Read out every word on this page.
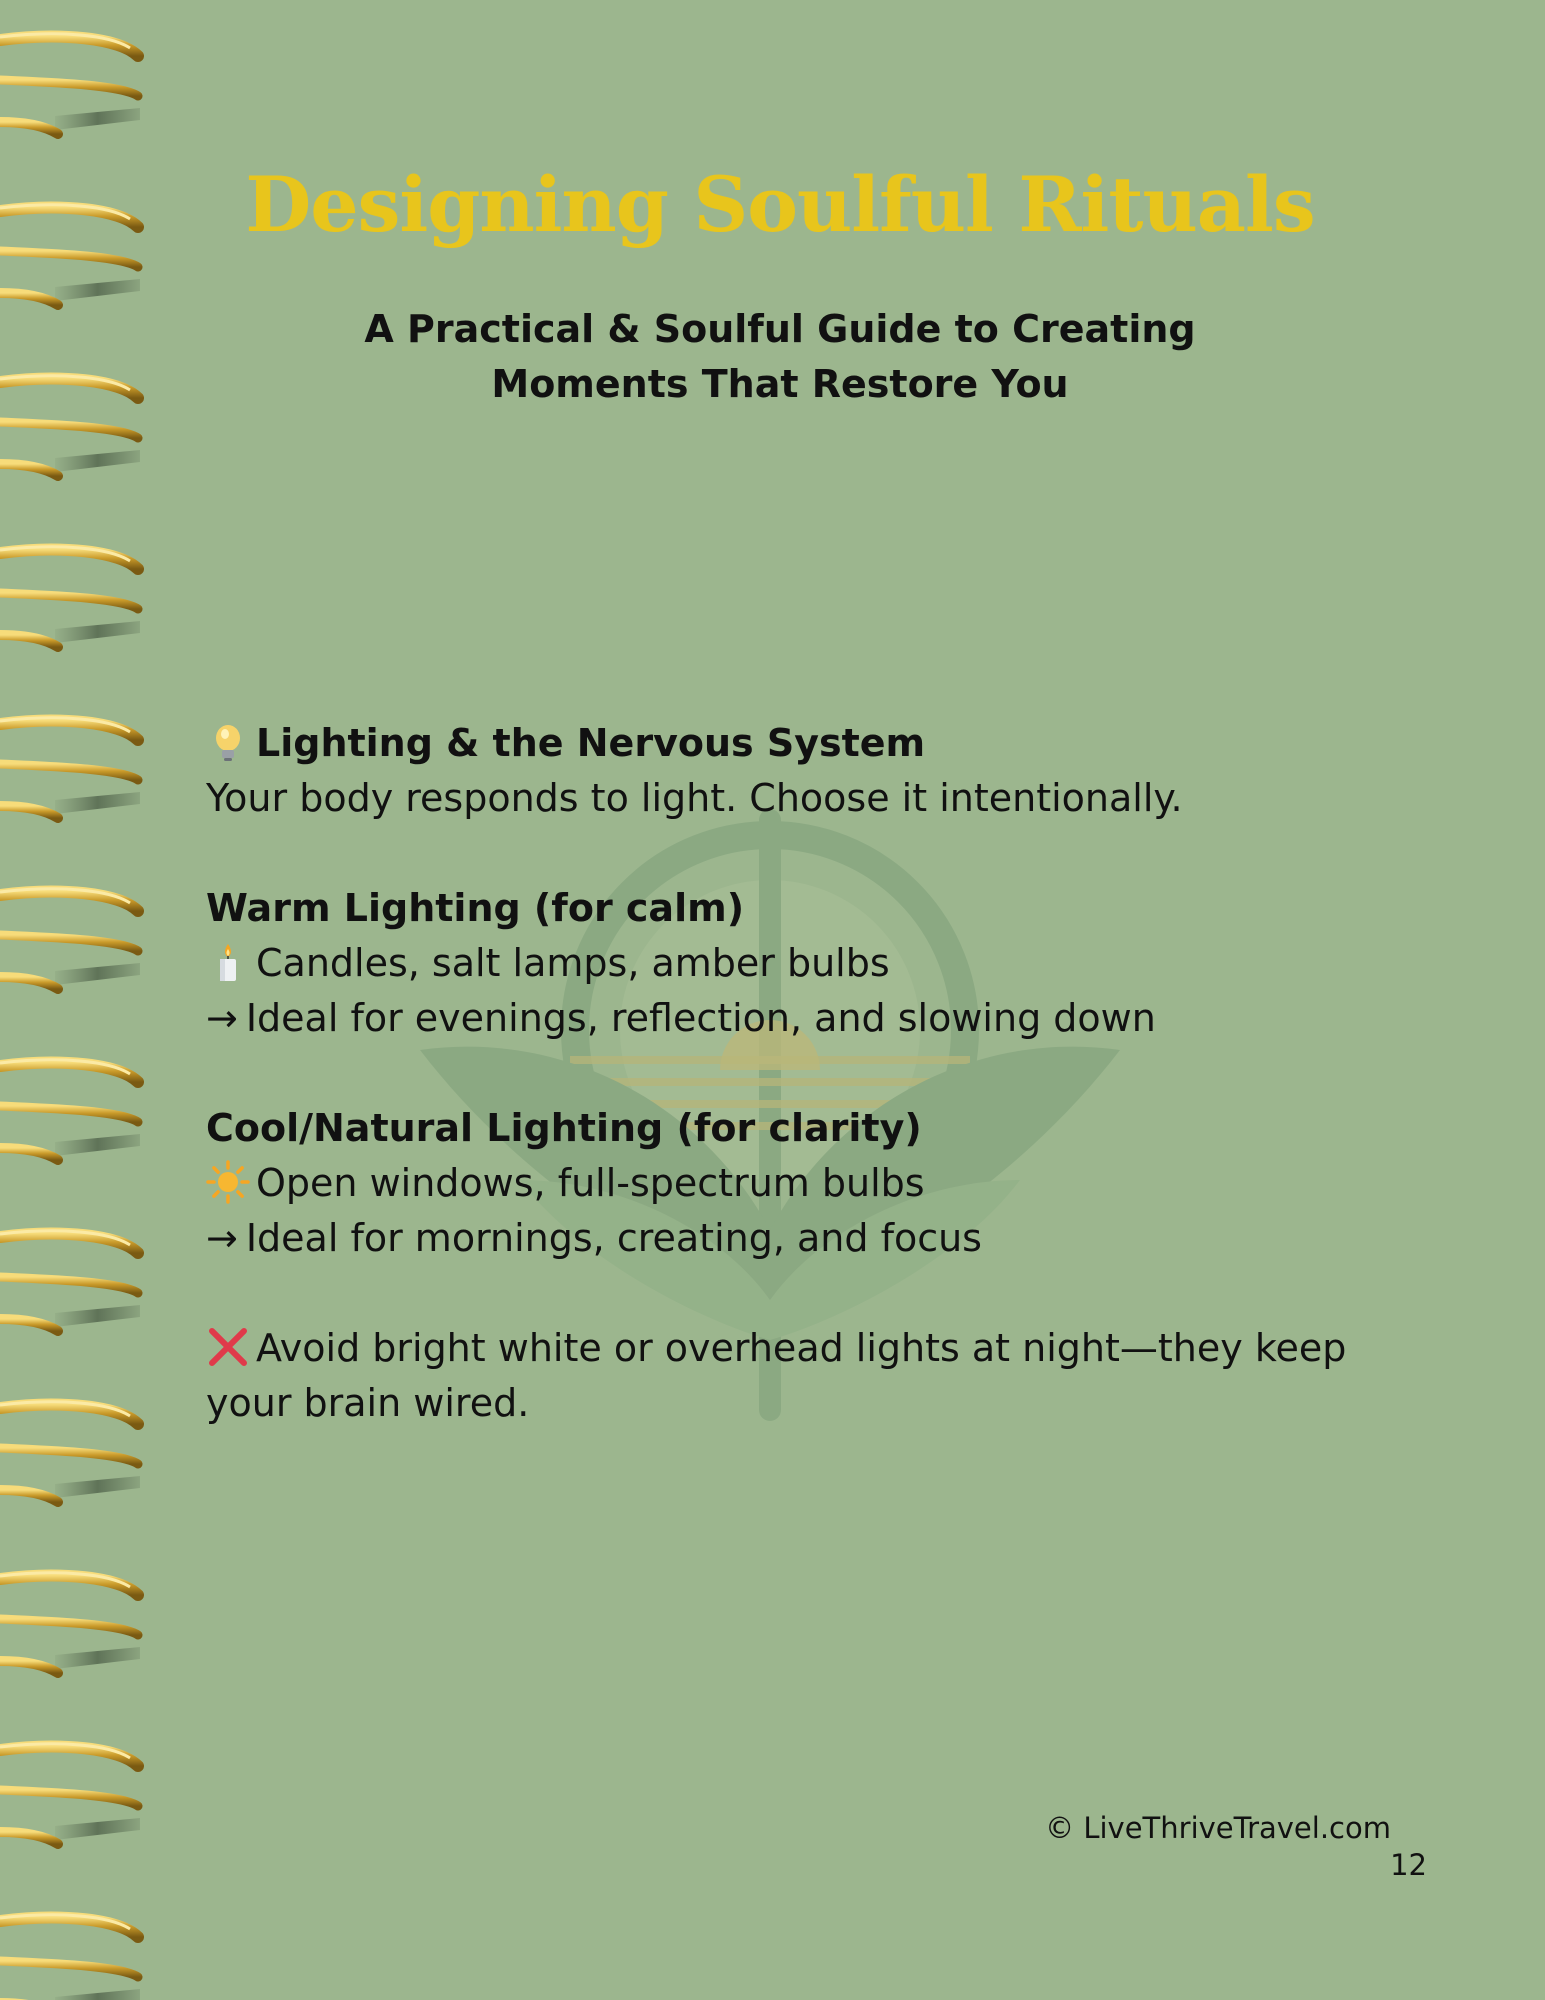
Designing Soulful Rituals
A Practical & Soulful Guide to Creating
Moments That Restore You

Lighting & the Nervous System

Your body responds to light. Choose it intentionally.

Warm Lighting (for calm)

Candles, salt lamps, amber bulbs

→ Ideal for evenings, reflection, and slowing down

Cool/Natural Lighting (for clarity)

Open windows, full-spectrum bulbs

→ Ideal for mornings, creating, and focus

Avoid bright white or overhead lights at night—they keep

your brain wired.

© LiveThriveTravel.com
12
